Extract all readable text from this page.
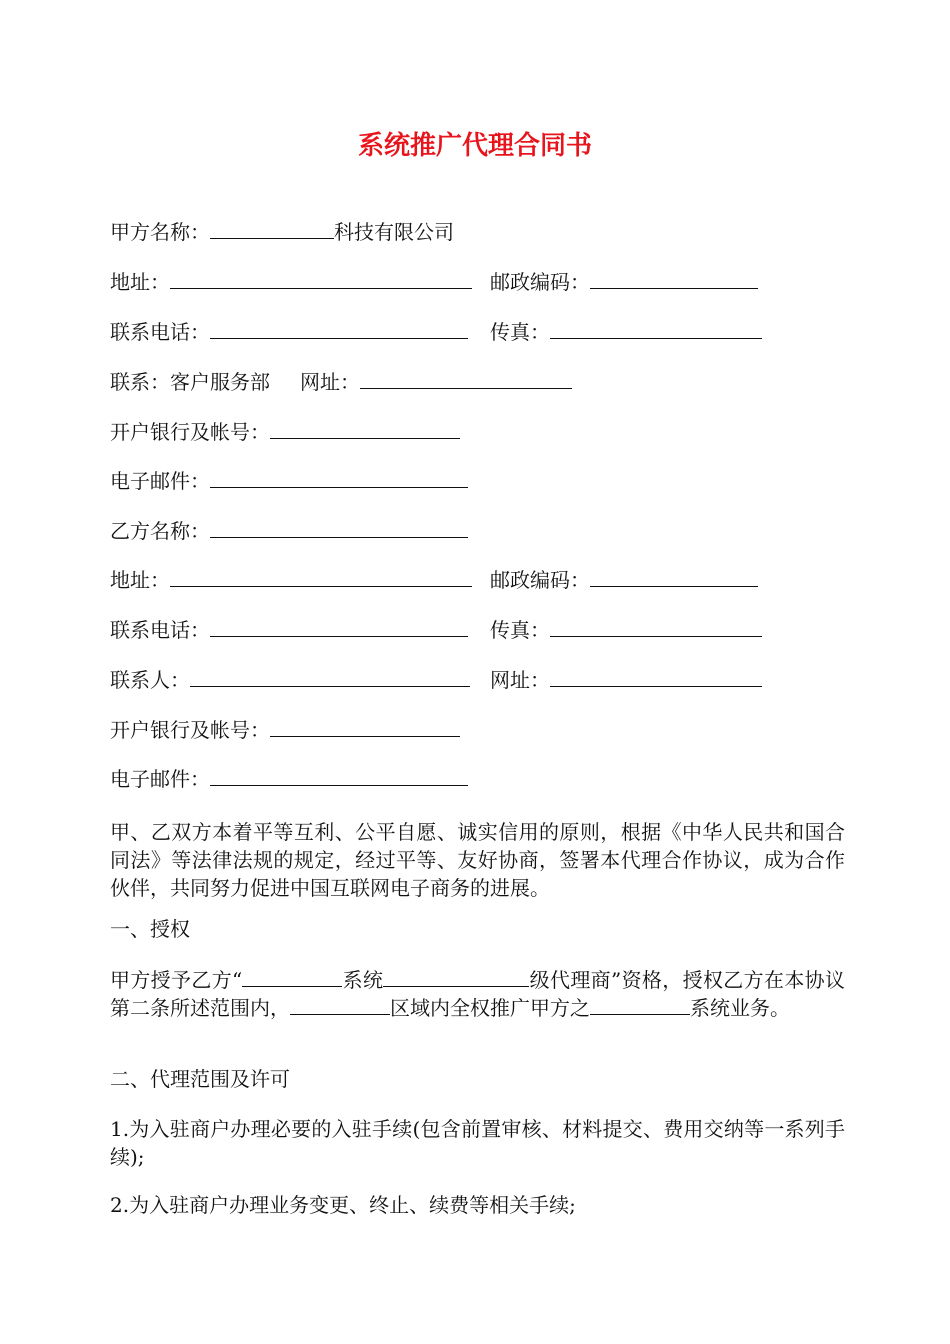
系统推广代理合同书
甲方名称：	科技有限公司
地址：	邮政编码：
联系电话：	传真：
联系：客户服务部 网址：
开户银行及帐号：
电子邮件：
乙方名称：
地址：	邮政编码：
联系电话：	传真：
联系人：	网址：
开户银行及帐号：
电子邮件：
甲、乙双方本着平等互利、公平自愿、诚实信用的原则，根据《中华人民共和国合同法》等法律法规的规定，经过平等、友好协商，签署本代理合作协议，成为合作伙伴，共同努力促进中国互联网电子商务的进展。
一、授权
甲方授予乙方“	系统	级代理商”资格，授权乙方在本协议第二条所述范围内，	区域内全权推广甲方之	系统业务。
二、代理范围及许可
1.为入驻商户办理必要的入驻手续(包含前置审核、材料提交、费用交纳等一系列手续);
2.为入驻商户办理业务变更、终止、续费等相关手续;
